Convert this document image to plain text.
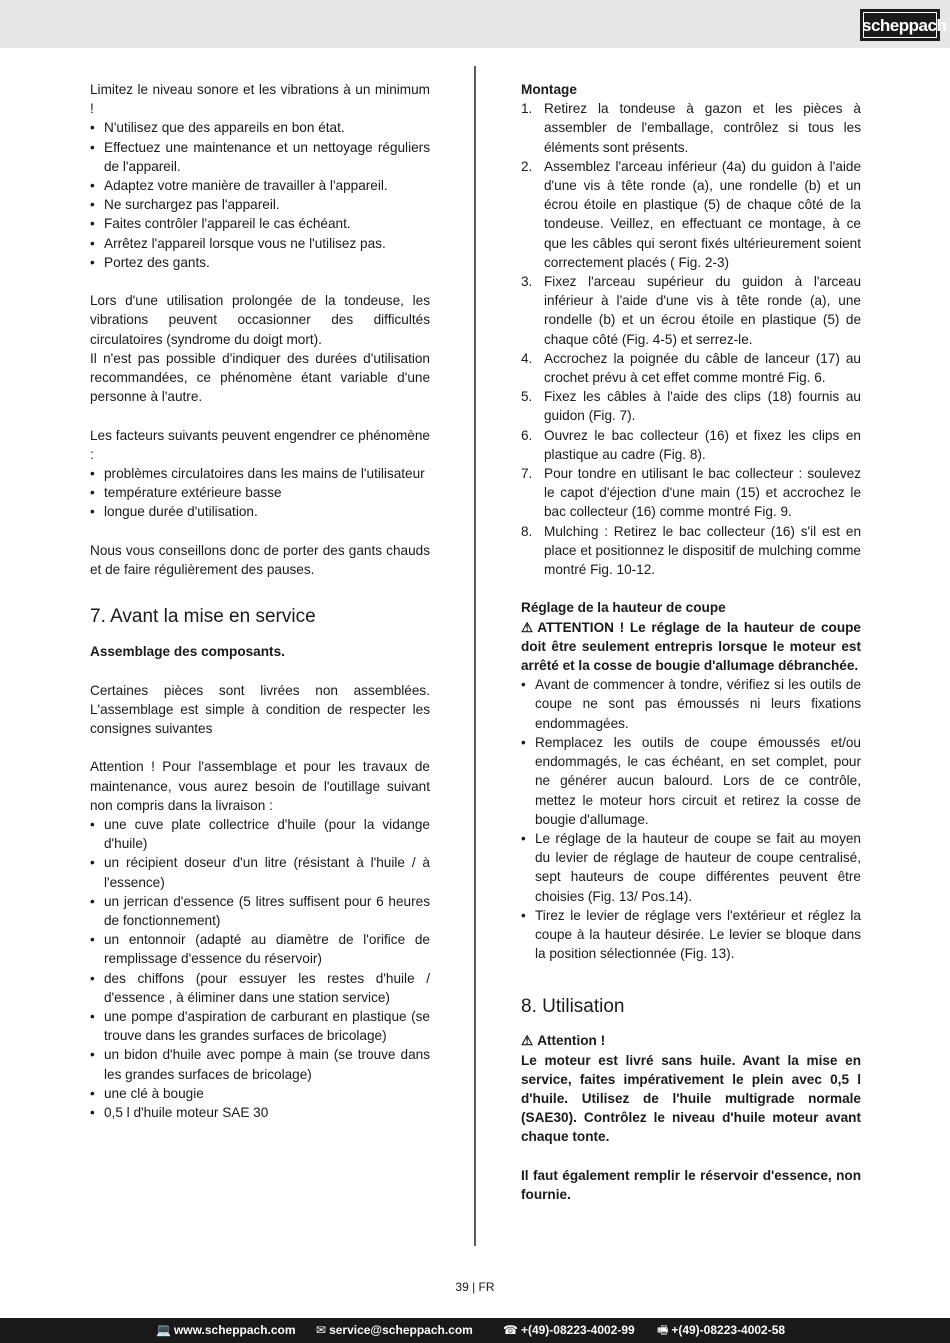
scheppach

Limitez le niveau sonore et les vibrations à un minimum !

• N'utilisez que des appareils en bon état.
• Effectuez une maintenance et un nettoyage réguliers de l'appareil.
• Adaptez votre manière de travailler à l'appareil.
• Ne surchargez pas l'appareil.
• Faites contrôler l'appareil le cas échéant.
• Arrêtez l'appareil lorsque vous ne l'utilisez pas.
• Portez des gants.

Lors d'une utilisation prolongée de la tondeuse, les vibrations peuvent occasionner des difficultés circulatoires (syndrome du doigt mort).

Il n'est pas possible d'indiquer des durées d'utilisation recommandées, ce phénomène étant variable d'une personne à l'autre.

Les facteurs suivants peuvent engendrer ce phénomène :

• problèmes circulatoires dans les mains de l'utilisateur
• température extérieure basse
• longue durée d'utilisation.

Nous vous conseillons donc de porter des gants chauds et de faire régulièrement des pauses.

7. Avant la mise en service

Assemblage des composants.

Certaines pièces sont livrées non assemblées. L'assemblage est simple à condition de respecter les consignes suivantes

Attention ! Pour l'assemblage et pour les travaux de maintenance, vous aurez besoin de l'outillage suivant non compris dans la livraison :

• une cuve plate collectrice d'huile (pour la vidange d'huile)
• un récipient doseur d'un litre (résistant à l'huile / à l'essence)
• un jerrican d'essence (5 litres suffisent pour 6 heures de fonctionnement)
• un entonnoir (adapté au diamètre de l'orifice de remplissage d'essence du réservoir)
• des chiffons (pour essuyer les restes d'huile / d'essence , à éliminer dans une station service)
• une pompe d'aspiration de carburant en plastique (se trouve dans les grandes surfaces de bricolage)
• un bidon d'huile avec pompe à main (se trouve dans les grandes surfaces de bricolage)
• une clé à bougie
• 0,5 l d'huile moteur SAE 30

Montage

1. Retirez la tondeuse à gazon et les pièces à assembler de l'emballage, contrôlez si tous les éléments sont présents.
2. Assemblez l'arceau inférieur (4a) du guidon à l'aide d'une vis à tête ronde (a), une rondelle (b) et un écrou étoile en plastique (5) de chaque côté de la tondeuse. Veillez, en effectuant ce montage, à ce que les câbles qui seront fixés ultérieurement soient correctement placés ( Fig. 2-3)
3. Fixez l'arceau supérieur du guidon à l'arceau inférieur à l'aide d'une vis à tête ronde (a), une rondelle (b) et un écrou étoile en plastique (5) de chaque côté (Fig. 4-5) et serrez-le.
4. Accrochez la poignée du câble de lanceur (17) au crochet prévu à cet effet comme montré Fig. 6.
5. Fixez les câbles à l'aide des clips (18) fournis au guidon (Fig. 7).
6. Ouvrez le bac collecteur (16) et fixez les clips en plastique au cadre (Fig. 8).
7. Pour tondre en utilisant le bac collecteur : soulevez le capot d'éjection d'une main (15) et accrochez le bac collecteur (16) comme montré Fig. 9.
8. Mulching : Retirez le bac collecteur (16) s'il est en place et positionnez le dispositif de mulching comme montré Fig. 10-12.

Réglage de la hauteur de coupe

⚠ ATTENTION ! Le réglage de la hauteur de coupe doit être seulement entrepris lorsque le moteur est arrêté et la cosse de bougie d'allumage débranchée.

• Avant de commencer à tondre, vérifiez si les outils de coupe ne sont pas émoussés ni leurs fixations endommagées.
• Remplacez les outils de coupe émoussés et/ou endommagés, le cas échéant, en set complet, pour ne générer aucun balourd. Lors de ce contrôle, mettez le moteur hors circuit et retirez la cosse de bougie d'allumage.
• Le réglage de la hauteur de coupe se fait au moyen du levier de réglage de hauteur de coupe centralisé, sept hauteurs de coupe différentes peuvent être choisies (Fig. 13/ Pos.14).
• Tirez le levier de réglage vers l'extérieur et réglez la coupe à la hauteur désirée. Le levier se bloque dans la position sélectionnée (Fig. 13).
8. Utilisation

⚠ Attention !

Le moteur est livré sans huile. Avant la mise en service, faites impérativement le plein avec 0,5 l d'huile. Utilisez de l'huile multigrade normale (SAE30). Contrôlez le niveau d'huile moteur avant chaque tonte.

Il faut également remplir le réservoir d'essence, non fournie.

39 | FR
💻 www.scheppach.com ✉ service@scheppach.com	☎ +(49)-08223-4002-99 🖷 +(49)-08223-4002-58
